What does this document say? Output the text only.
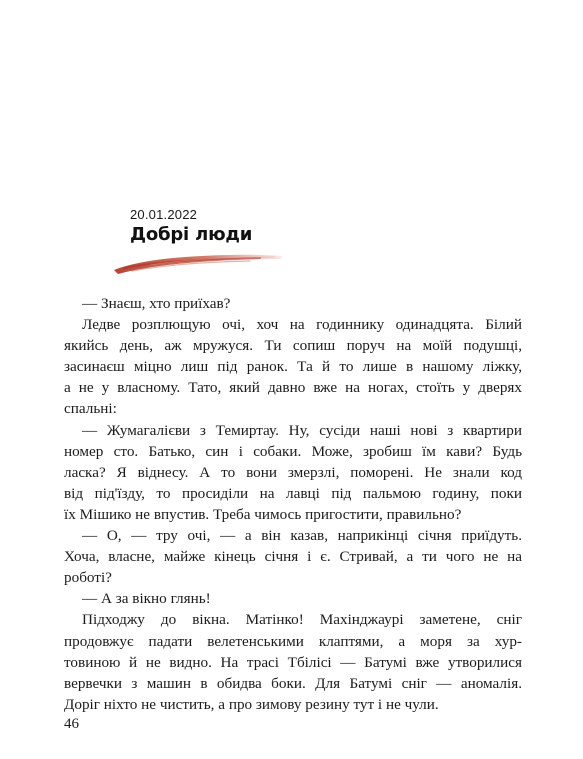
20.01.2022
Добрі люди

— Знаєш, хто приїхав?

Ледве розплющую очі, хоч на годиннику одинадцята. Білий

якийсь день, аж мружуся. Ти сопиш поруч на моїй подушці,

засинаєш міцно лиш під ранок. Та й то лише в нашому ліжку,

а не у власному. Тато, який давно вже на ногах, стоїть у дверях

спальні:

— Жумагалієви з Темиртау. Ну, сусіди наші нові з квартири

номер сто. Батько, син і собаки. Може, зробиш їм кави? Будь

ласка? Я віднесу. А то вони змерзлі, поморені. Не знали код

від під'їзду, то просиділи на лавці під пальмою годину, поки

їх Мішико не впустив. Треба чимось пригостити, правильно?

— О, — тру очі, — а він казав, наприкінці січня приїдуть.

Хоча, власне, майже кінець січня і є. Стривай, а ти чого не на

роботі?

— А за вікно глянь!

Підходжу до вікна. Матінко! Махінджаурі заметене, сніг

продовжує падати велетенськими клаптями, а моря за хур-

товиною й не видно. На трасі Тбілісі — Батумі вже утворилися

вервечки з машин в обидва боки. Для Батумі сніг — аномалія.

Доріг ніхто не чистить, а про зимову резину тут і не чули.

46
